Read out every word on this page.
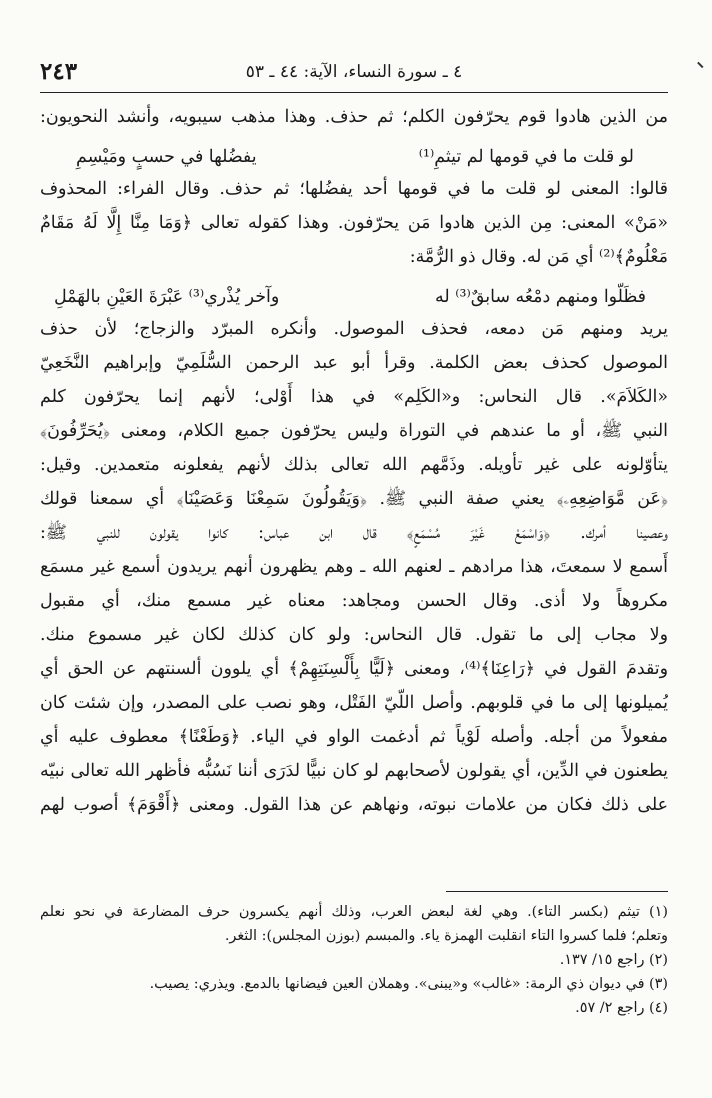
٢٤٣	٤ ـ سورة النساء، الآية: ٤٤ ـ ٥٣
من الذين هادوا قوم يحرّفون الكلم؛ ثم حذف. وهذا مذهب سيبويه، وأنشد النحويون:
لو قلت ما في قومها لم تيثمِ⁽¹⁾
يفضُلها في حسبٍ ومَيْسِمِ
قالوا: المعنى لو قلت ما في قومها أحد يفضُلها؛ ثم حذف. وقال الفراء: المحذوف
«مَنْ» المعنى: مِن الذين هادوا مَن يحرّفون. وهذا كقوله تعالى ﴿وَمَا مِنَّا إِلَّا لَهُ مَقَامٌ
مَعْلُومٌ﴾⁽²⁾ أي مَن له. وقال ذو الرُّمَّة:
فظَلّوا ومنهم دمْعُه سابقٌ⁽³⁾ له
وآخر يُذْري⁽³⁾ عَبْرَةَ العَيْنِ بالهَمْلِ
يريد ومنهم مَن دمعه، فحذف الموصول. وأنكره المبرّد والزجاج؛ لأن حذف
الموصول كحذف بعض الكلمة. وقرأ أبو عبد الرحمن السُّلَمِيّ وإبراهيم النَّخَعِيّ
«الكَلاَمَ». قال النحاس: و«الكَلِم» في هذا أَوْلى؛ لأنهم إنما يحرّفون كلم
النبي ﷺ، أو ما عندهم في التوراة وليس يحرّفون جميع الكلام، ومعنى ﴿يُحَرِّفُونَ﴾
يتأوّلونه على غير تأويله. وذَمَّهم الله تعالى بذلك لأنهم يفعلونه متعمدين. وقيل:
﴿عَن مَّوَاضِعِهِۦ﴾ يعني صفة النبي ﷺ. ﴿وَيَقُولُونَ سَمِعْنَا وَعَصَيْنَا﴾ أي سمعنا قولك
وعصينا أمرك. ﴿وَاسْمَعْ غَيْرَ مُسْمَعٍ﴾ قال ابن عباس: كانوا يقولون للنبي ﷺ:
أَسمع لا سمعتَ، هذا مرادهم ـ لعنهم الله ـ وهم يظهرون أنهم يريدون أسمع غير مسمَع
مكروهاً ولا أذى. وقال الحسن ومجاهد: معناه غير مسمع منك، أي مقبول
ولا مجاب إلى ما تقول. قال النحاس: ولو كان كذلك لكان غير مسموع منك.
وتقدمَ القول في ﴿رَاعِنَا﴾⁽⁴⁾، ومعنى ﴿لَيًّا بِأَلْسِنَتِهِمْ﴾ أي يلوون ألسنتهم عن الحق أي
يُميلونها إلى ما في قلوبهم. وأصل اللّيّ الفَتْل، وهو نصب على المصدر، وإن شئت كان
مفعولاً من أجله. وأصله لَوْياً ثم أدغمت الواو في الياء. ﴿وَطَعْنًا﴾ معطوف عليه أي
يطعنون في الدِّين، أي يقولون لأصحابهم لو كان نبيًّا لدَرَى أننا نَسُبُّه فأظهر الله تعالى نبيّه
على ذلك فكان من علامات نبوته، ونهاهم عن هذا القول. ومعنى ﴿أَقْوَمَ﴾ أصوب لهم
(١) تيثم (بكسر التاء). وهي لغة لبعض العرب، وذلك أنهم يكسرون حرف المضارعة في نحو نعلم
وتعلم؛ فلما كسروا التاء انقلبت الهمزة ياء. والمبسم (بوزن المجلس): الثغر.
(٢) راجع ١٥/ ١٣٧.
(٣) في ديوان ذي الرمة: «غالب» و«يبنى». وهملان العين فيضانها بالدمع. ويذري: يصيب.
(٤) راجع ٢/ ٥٧.
